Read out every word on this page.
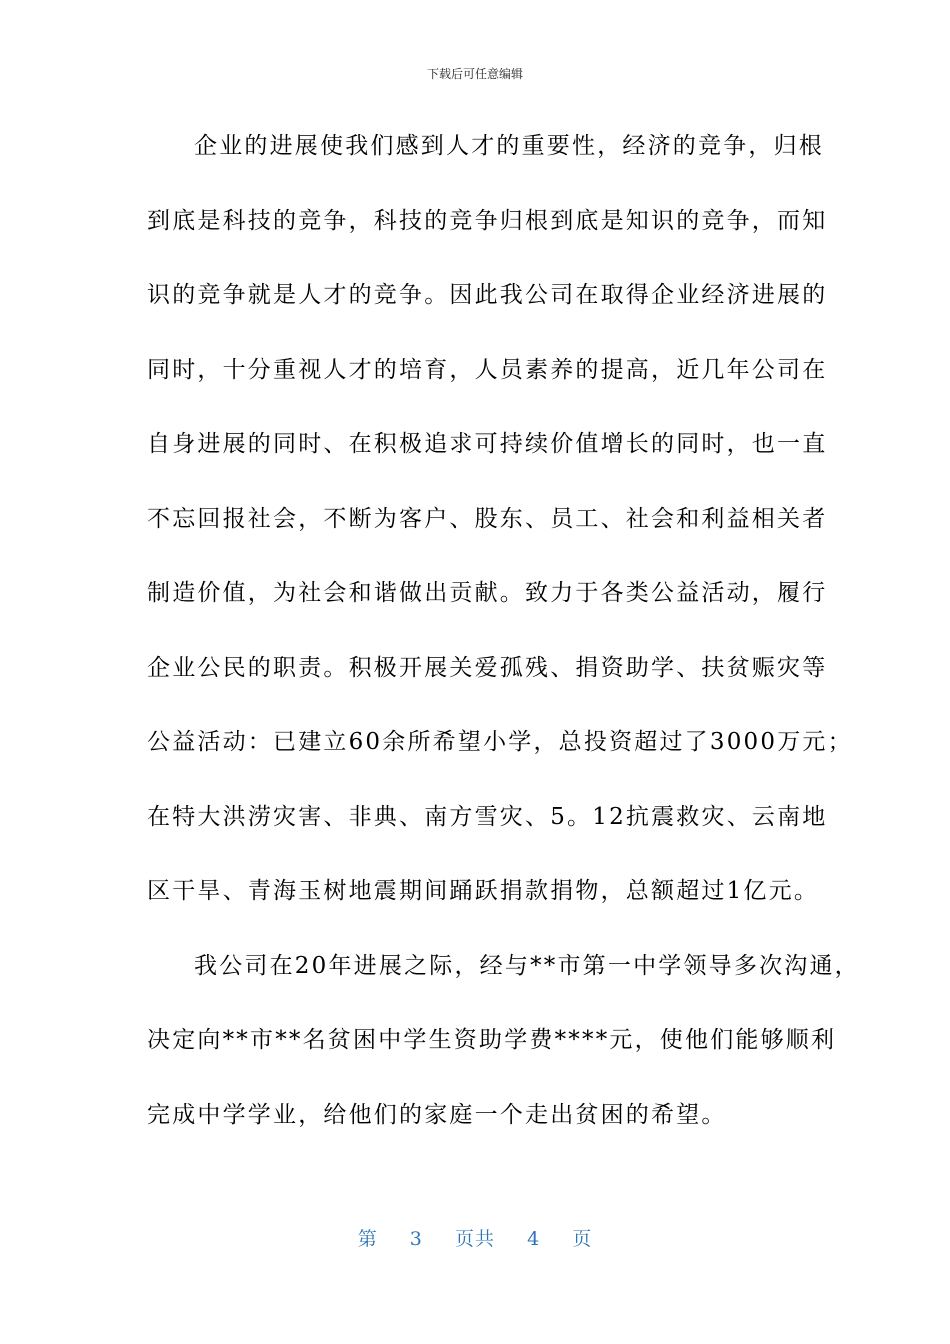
下载后可任意编辑
企业的进展使我们感到人才的重要性，经济的竞争，归根
到底是科技的竞争，科技的竞争归根到底是知识的竞争，而知
识的竞争就是人才的竞争。因此我公司在取得企业经济进展的
同时，十分重视人才的培育，人员素养的提高，近几年公司在
自身进展的同时、在积极追求可持续价值增长的同时，也一直
不忘回报社会，不断为客户、股东、员工、社会和利益相关者
制造价值，为社会和谐做出贡献。致力于各类公益活动，履行
企业公民的职责。积极开展关爱孤残、捐资助学、扶贫赈灾等
公益活动：已建立60余所希望小学，总投资超过了3000万元；
在特大洪涝灾害、非典、南方雪灾、5。12抗震救灾、云南地
区干旱、青海玉树地震期间踊跃捐款捐物，总额超过1亿元。
我公司在20年进展之际，经与**市第一中学领导多次沟通，
决定向**市**名贫困中学生资助学费****元，使他们能够顺利
完成中学学业，给他们的家庭一个走出贫困的希望。
第 3 页共 4 页
